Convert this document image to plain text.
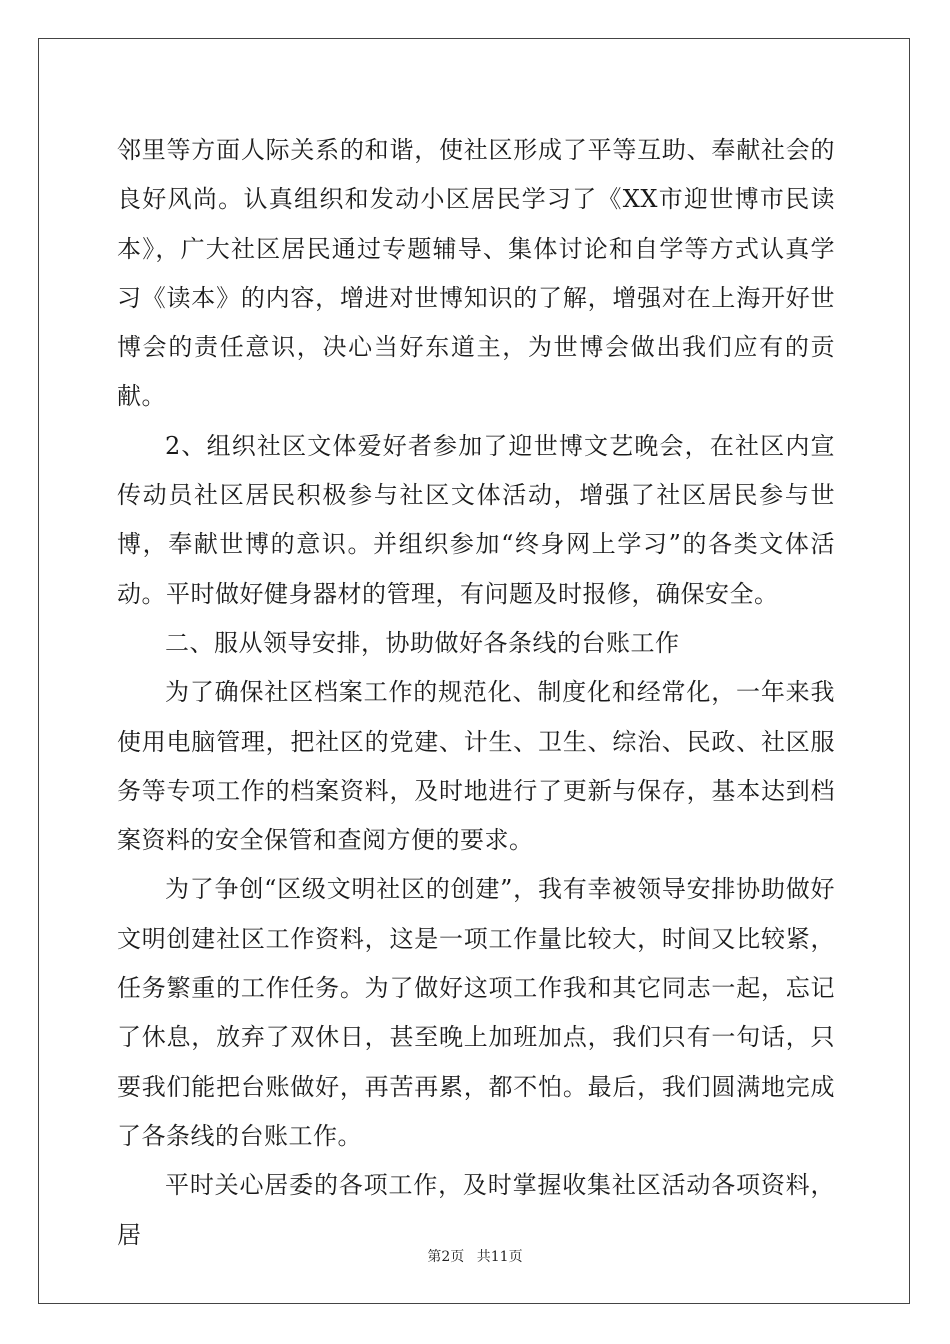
邻里等方面人际关系的和谐，使社区形成了平等互助、奉献社会的良好风尚。认真组织和发动小区居民学习了《XX市迎世博市民读本》，广大社区居民通过专题辅导、集体讨论和自学等方式认真学习《读本》的内容，增进对世博知识的了解，增强对在上海开好世博会的责任意识，决心当好东道主，为世博会做出我们应有的贡献。

2、组织社区文体爱好者参加了迎世博文艺晚会，在社区内宣传动员社区居民积极参与社区文体活动，增强了社区居民参与世博，奉献世博的意识。并组织参加“终身网上学习”的各类文体活动。平时做好健身器材的管理，有问题及时报修，确保安全。

二、服从领导安排，协助做好各条线的台账工作

为了确保社区档案工作的规范化、制度化和经常化，一年来我使用电脑管理，把社区的党建、计生、卫生、综治、民政、社区服务等专项工作的档案资料，及时地进行了更新与保存，基本达到档案资料的安全保管和查阅方便的要求。

为了争创“区级文明社区的创建”，我有幸被领导安排协助做好文明创建社区工作资料，这是一项工作量比较大，时间又比较紧，任务繁重的工作任务。为了做好这项工作我和其它同志一起，忘记了休息，放弃了双休日，甚至晚上加班加点，我们只有一句话，只要我们能把台账做好，再苦再累，都不怕。最后，我们圆满地完成了各条线的台账工作。

平时关心居委的各项工作，及时掌握收集社区活动各项资料，居

第2页 共11页
